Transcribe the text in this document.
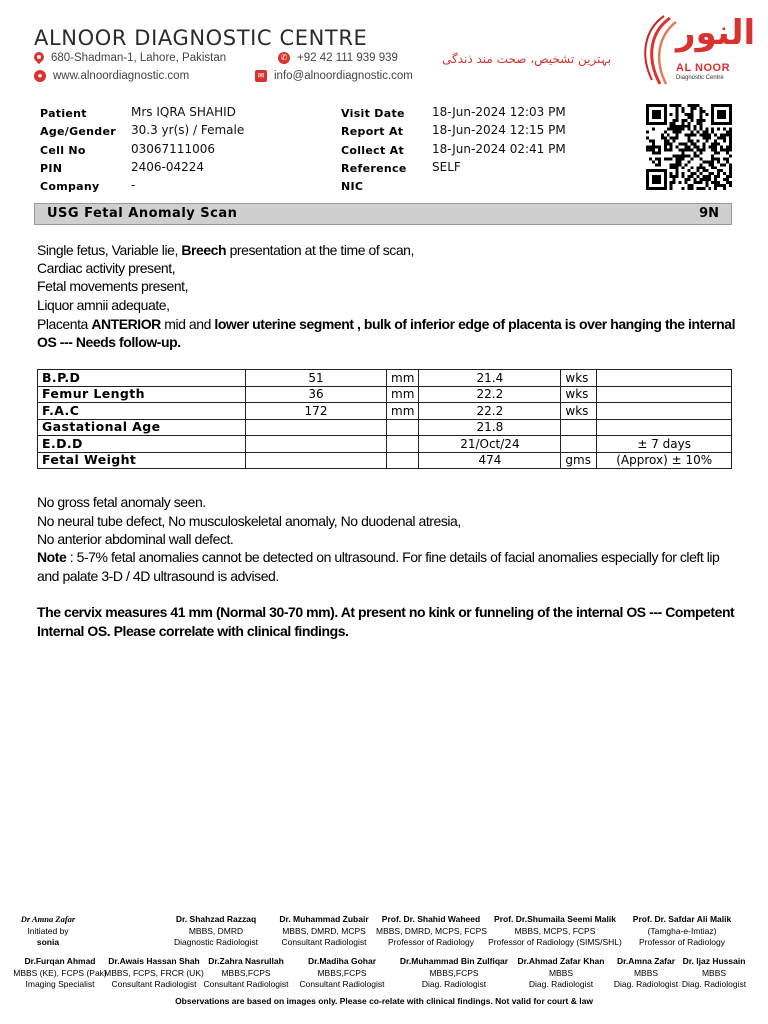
ALNOOR DIAGNOSTIC CENTRE
680-Shadman-1, Lahore, Pakistan	✆ +92 42 111 939 939
● www.alnoordiagnostic.com	✉ info@alnoordiagnostic.com
بہترین تشخیص، صحت مند ذندگی
النور
AL NOOR
Diagnostic Centre
Patient	Mrs IQRA SHAHID
Age/Gender 30.3 yr(s) / Female
Cell No	03067111006
PIN	2406-04224
Company	-
Visit Date 18-Jun-2024 12:03 PM
Report At 18-Jun-2024 12:15 PM
Collect At 18-Jun-2024 02:41 PM
Reference SELF
NIC
USG Fetal Anomaly Scan	9N
Single fetus, Variable lie, Breech presentation at the time of scan,
Cardiac activity present,
Fetal movements present,
Liquor amnii adequate,
Placenta ANTERIOR mid and lower uterine segment , bulk of inferior edge of placenta is over hanging the internal
OS --- Needs follow-up.
B.P.D	51	mm	21.4	wks	
Femur Length	36	mm	22.2	wks	
F.A.C	172	mm	22.2	wks	
Gastational Age			21.8		
E.D.D			21/Oct/24		± 7 days
Fetal Weight			474	gms	(Approx) ± 10%
No gross fetal anomaly seen.
No neural tube defect, No musculoskeletal anomaly, No duodenal atresia,
No anterior abdominal wall defect.
Note : 5-7% fetal anomalies cannot be detected on ultrasound. For fine details of facial anomalies especially for cleft lip
and palate 3-D / 4D ultrasound is advised.
The cervix measures 41 mm (Normal 30-70 mm). At present no kink or funneling of the internal OS --- Competent
Internal OS. Please correlate with clinical findings.
Dr Amna Zafar
Initiated by
sonia
Dr. Shahzad Razzaq
MBBS, DMRD
Diagnostic Radiologist
Dr. Muhammad Zubair
MBBS, DMRD, MCPS
Consultant Radiologist
Prof. Dr. Shahid Waheed
MBBS, DMRD, MCPS, FCPS
Professor of Radiology
Prof. Dr.Shumaila Seemi Malik
MBBS, MCPS, FCPS
Professor of Radiology (SIMS/SHL)
Prof. Dr. Safdar Ali Malik
(Tamgha-e-Imtiaz)
Professor of Radiology
Dr.Furqan Ahmad
MBBS (KE), FCPS (Pak)
Imaging Specialist
Dr.Awais Hassan Shah
MBBS, FCPS, FRCR (UK)
Consultant Radiologist
Dr.Zahra Nasrullah
MBBS,FCPS
Consultant Radiologist
Dr.Madiha Gohar
MBBS,FCPS
Consultant Radiologist
Dr.Muhammad Bin Zulfiqar
MBBS,FCPS
Diag. Radiologist
Dr.Ahmad Zafar Khan
MBBS
Diag. Radiologist
Dr.Amna Zafar
MBBS
Diag. Radiologist
Dr. Ijaz Hussain
MBBS
Diag. Radiologist
Observations are based on images only. Please co-relate with clinical findings. Not valid for court & law
